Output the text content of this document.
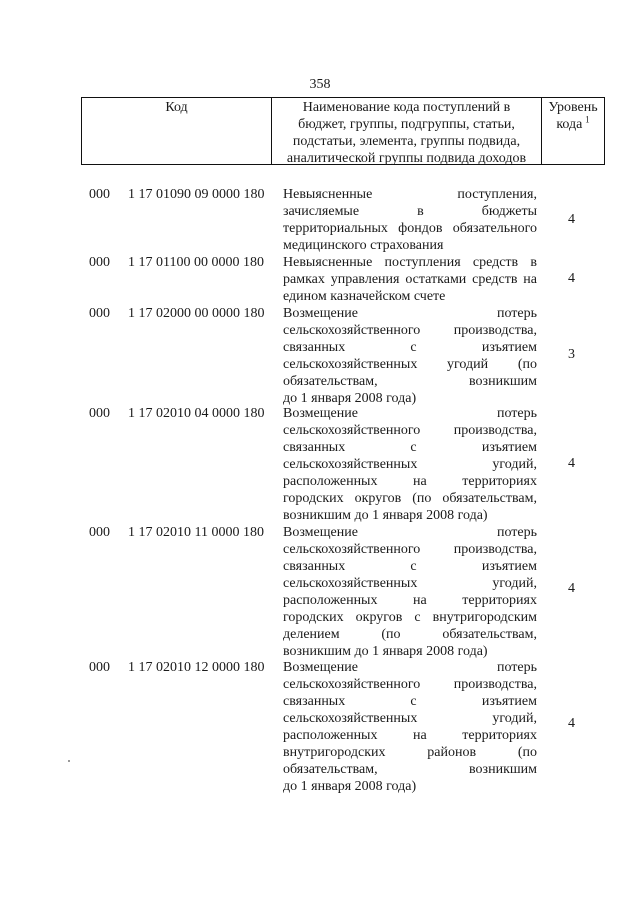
358
Код	Наименование кода поступлений в
бюджет, группы, подгруппы, статьи,
подстатьи, элемента, группы подвида,
аналитической группы подвида доходов
Уровень
кода  $^1$
000 1 17 01090 09 0000 180 Невыясненные поступления,
зачисляемые в бюджеты
территориальных фондов обязательного
медицинского страхования
4
000 1 17 01100 00 0000 180 Невыясненные поступления средств в
рамках управления остатками средств на
едином казначейском счете
4
000 1 17 02000 00 0000 180 Возмещение потерь
сельскохозяйственного производства,
связанных с изъятием
сельскохозяйственных угодий (по
обязательствам, возникшим
до 1 января 2008 года)
3
000 1 17 02010 04 0000 180 Возмещение потерь
сельскохозяйственного производства,
связанных с изъятием
сельскохозяйственных угодий,
расположенных на территориях
городских округов (по обязательствам,
возникшим до 1 января 2008 года)
4
000 1 17 02010 11 0000 180 Возмещение потерь
сельскохозяйственного производства,
связанных с изъятием
сельскохозяйственных угодий,
расположенных на территориях
городских округов с внутригородским
делением (по обязательствам,
возникшим до 1 января 2008 года)
4
000 1 17 02010 12 0000 180 Возмещение потерь
сельскохозяйственного производства,
связанных с изъятием
сельскохозяйственных угодий,
расположенных на территориях
внутригородских районов (по
обязательствам, возникшим
до 1 января 2008 года)
4
